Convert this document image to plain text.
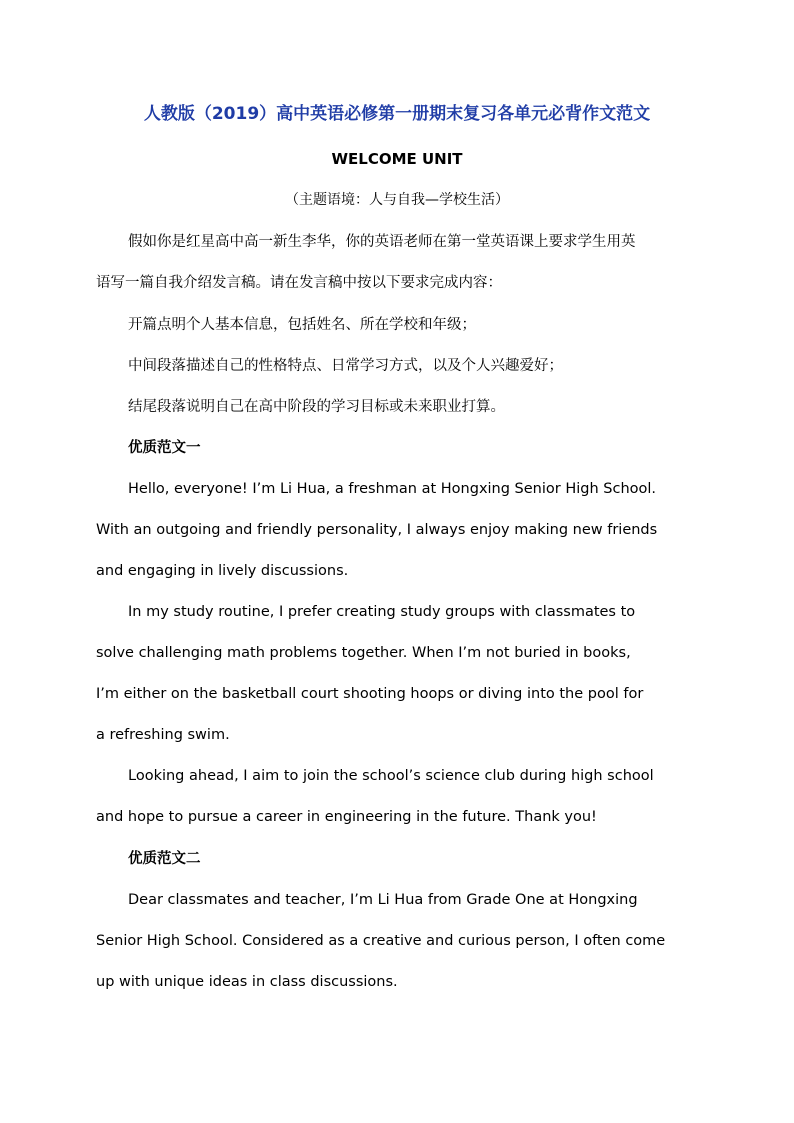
人教版（2019）高中英语必修第一册期末复习各单元必背作文范文
WELCOME UNIT
（主题语境：人与自我—学校生活）
假如你是红星高中高一新生李华，你的英语老师在第一堂英语课上要求学生用英
语写一篇自我介绍发言稿。请在发言稿中按以下要求完成内容：
开篇点明个人基本信息，包括姓名、所在学校和年级；
中间段落描述自己的性格特点、日常学习方式，以及个人兴趣爱好；
结尾段落说明自己在高中阶段的学习目标或未来职业打算。
优质范文一
Hello, everyone! I’m Li Hua, a freshman at Hongxing Senior High School.
With an outgoing and friendly personality, I always enjoy making new friends
and engaging in lively discussions.
In my study routine, I prefer creating study groups with classmates to
solve challenging math problems together. When I’m not buried in books,
I’m either on the basketball court shooting hoops or diving into the pool for
a refreshing swim.
Looking ahead, I aim to join the school’s science club during high school
and hope to pursue a career in engineering in the future. Thank you!
优质范文二
Dear classmates and teacher, I’m Li Hua from Grade One at Hongxing
Senior High School. Considered as a creative and curious person, I often come
up with unique ideas in class discussions.
